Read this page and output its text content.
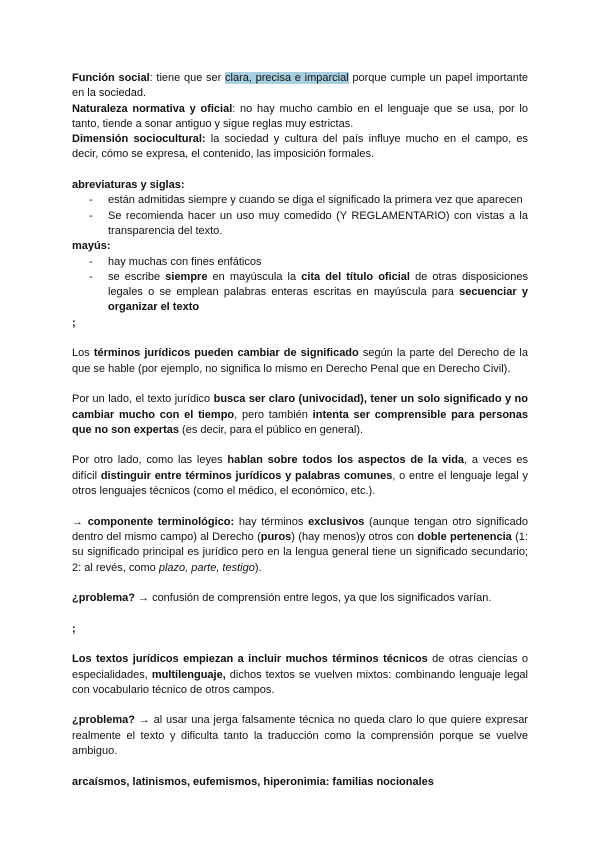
Función social: tiene que ser clara, precisa e imparcial porque cumple un papel importante en la sociedad.

Naturaleza normativa y oficial: no hay mucho cambio en el lenguaje que se usa, por lo tanto, tiende a sonar antiguo y sigue reglas muy estrictas.

Dimensión sociocultural: la sociedad y cultura del país influye mucho en el campo, es decir, cómo se expresa, el contenido, las imposición formales.

abreviaturas y siglas:

- están admitidas siempre y cuando se diga el significado la primera vez que aparecen
- Se recomienda hacer un uso muy comedido (Y REGLAMENTARIO) con vistas a la transparencia del texto.

mayús:

- hay muchas con fines enfáticos
- se escribe siempre en mayúscula la cita del título oficial de otras disposiciones legales o se emplean palabras enteras escritas en mayúscula para secuenciar y organizar el texto

;

Los términos jurídicos pueden cambiar de significado según la parte del Derecho de la que se hable (por ejemplo, no significa lo mismo en Derecho Penal que en Derecho Civil).

Por un lado, el texto jurídico busca ser claro (univocidad), tener un solo significado y no cambiar mucho con el tiempo, pero también intenta ser comprensible para personas que no son expertas (es decir, para el público en general).

Por otro lado, como las leyes hablan sobre todos los aspectos de la vida, a veces es difícil distinguir entre términos jurídicos y palabras comunes, o entre el lenguaje legal y otros lenguajes técnicos (como el médico, el económico, etc.).

→ componente terminológico: hay términos exclusivos (aunque tengan otro significado dentro del mismo campo) al Derecho (puros) (hay menos)y otros con doble pertenencia (1: su significado principal es jurídico pero en la lengua general tiene un significado secundario; 2: al revés, como plazo, parte, testigo).

¿problema? → confusión de comprensión entre legos, ya que los significados varían.

;

Los textos jurídicos empiezan a incluir muchos términos técnicos de otras ciencias o especialidades, multilenguaje, dichos textos se vuelven mixtos: combinando lenguaje legal con vocabulario técnico de otros campos.

¿problema? → al usar una jerga falsamente técnica no queda claro lo que quiere expresar realmente el texto y dificulta tanto la traducción como la comprensión porque se vuelve ambiguo.

arcaísmos, latinismos, eufemismos, hiperonimia: familias nocionales
